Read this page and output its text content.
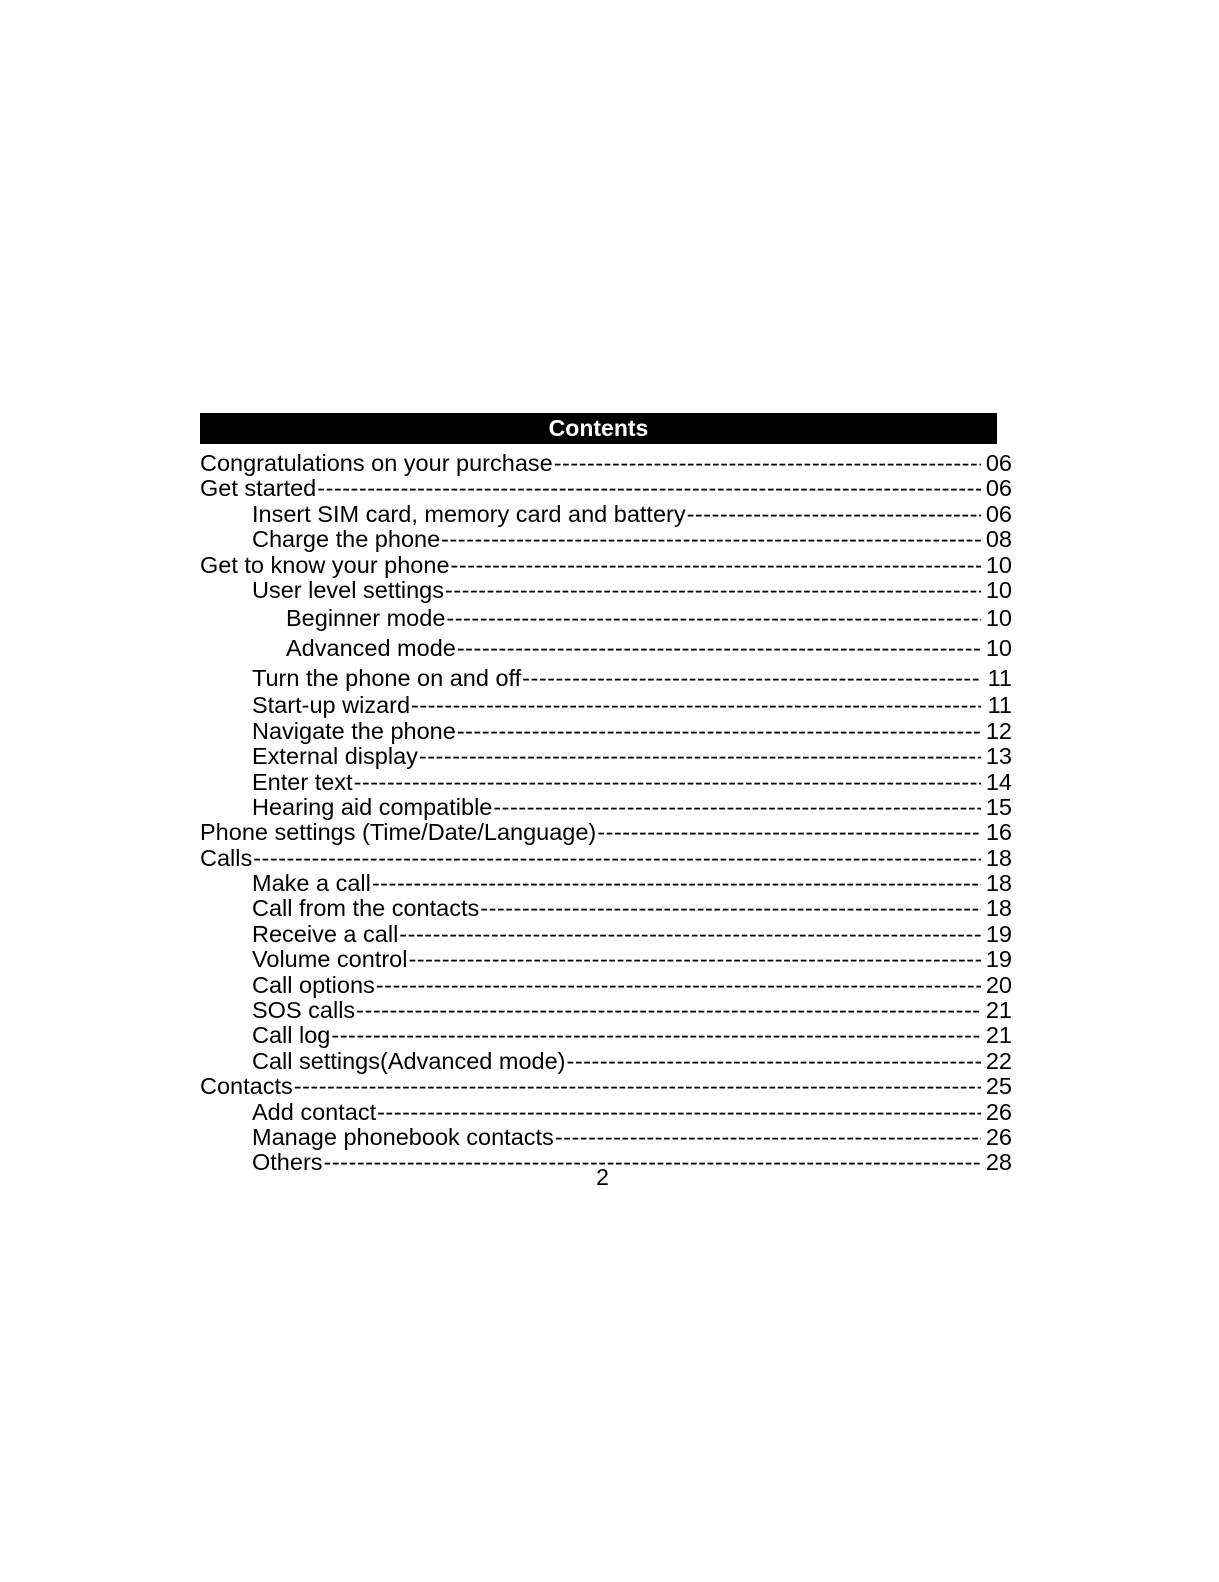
Contents
Congratulations on your purchase -----	06
Get started -----	06
Insert SIM card, memory card and battery -----	06
Charge the phone -----	08
Get to know your phone -----	10
User level settings -----	10
Beginner mode -----	10
Advanced mode -----	10
Turn the phone on and off -----	11
Start-up wizard -----	11
Navigate the phone -----	12
External display -----	13
Enter text -----	14
Hearing aid compatible -----	15
Phone settings (Time/Date/Language) -----	16
Calls -----	18
Make a call -----	18
Call from the contacts -----	18
Receive a call -----	19
Volume control -----	19
Call options -----	20
SOS calls -----	21
Call log -----	21
Call settings(Advanced mode) -----	22
Contacts -----	25
Add contact -----	26
Manage phonebook contacts -----	26
Others -----	28
2
